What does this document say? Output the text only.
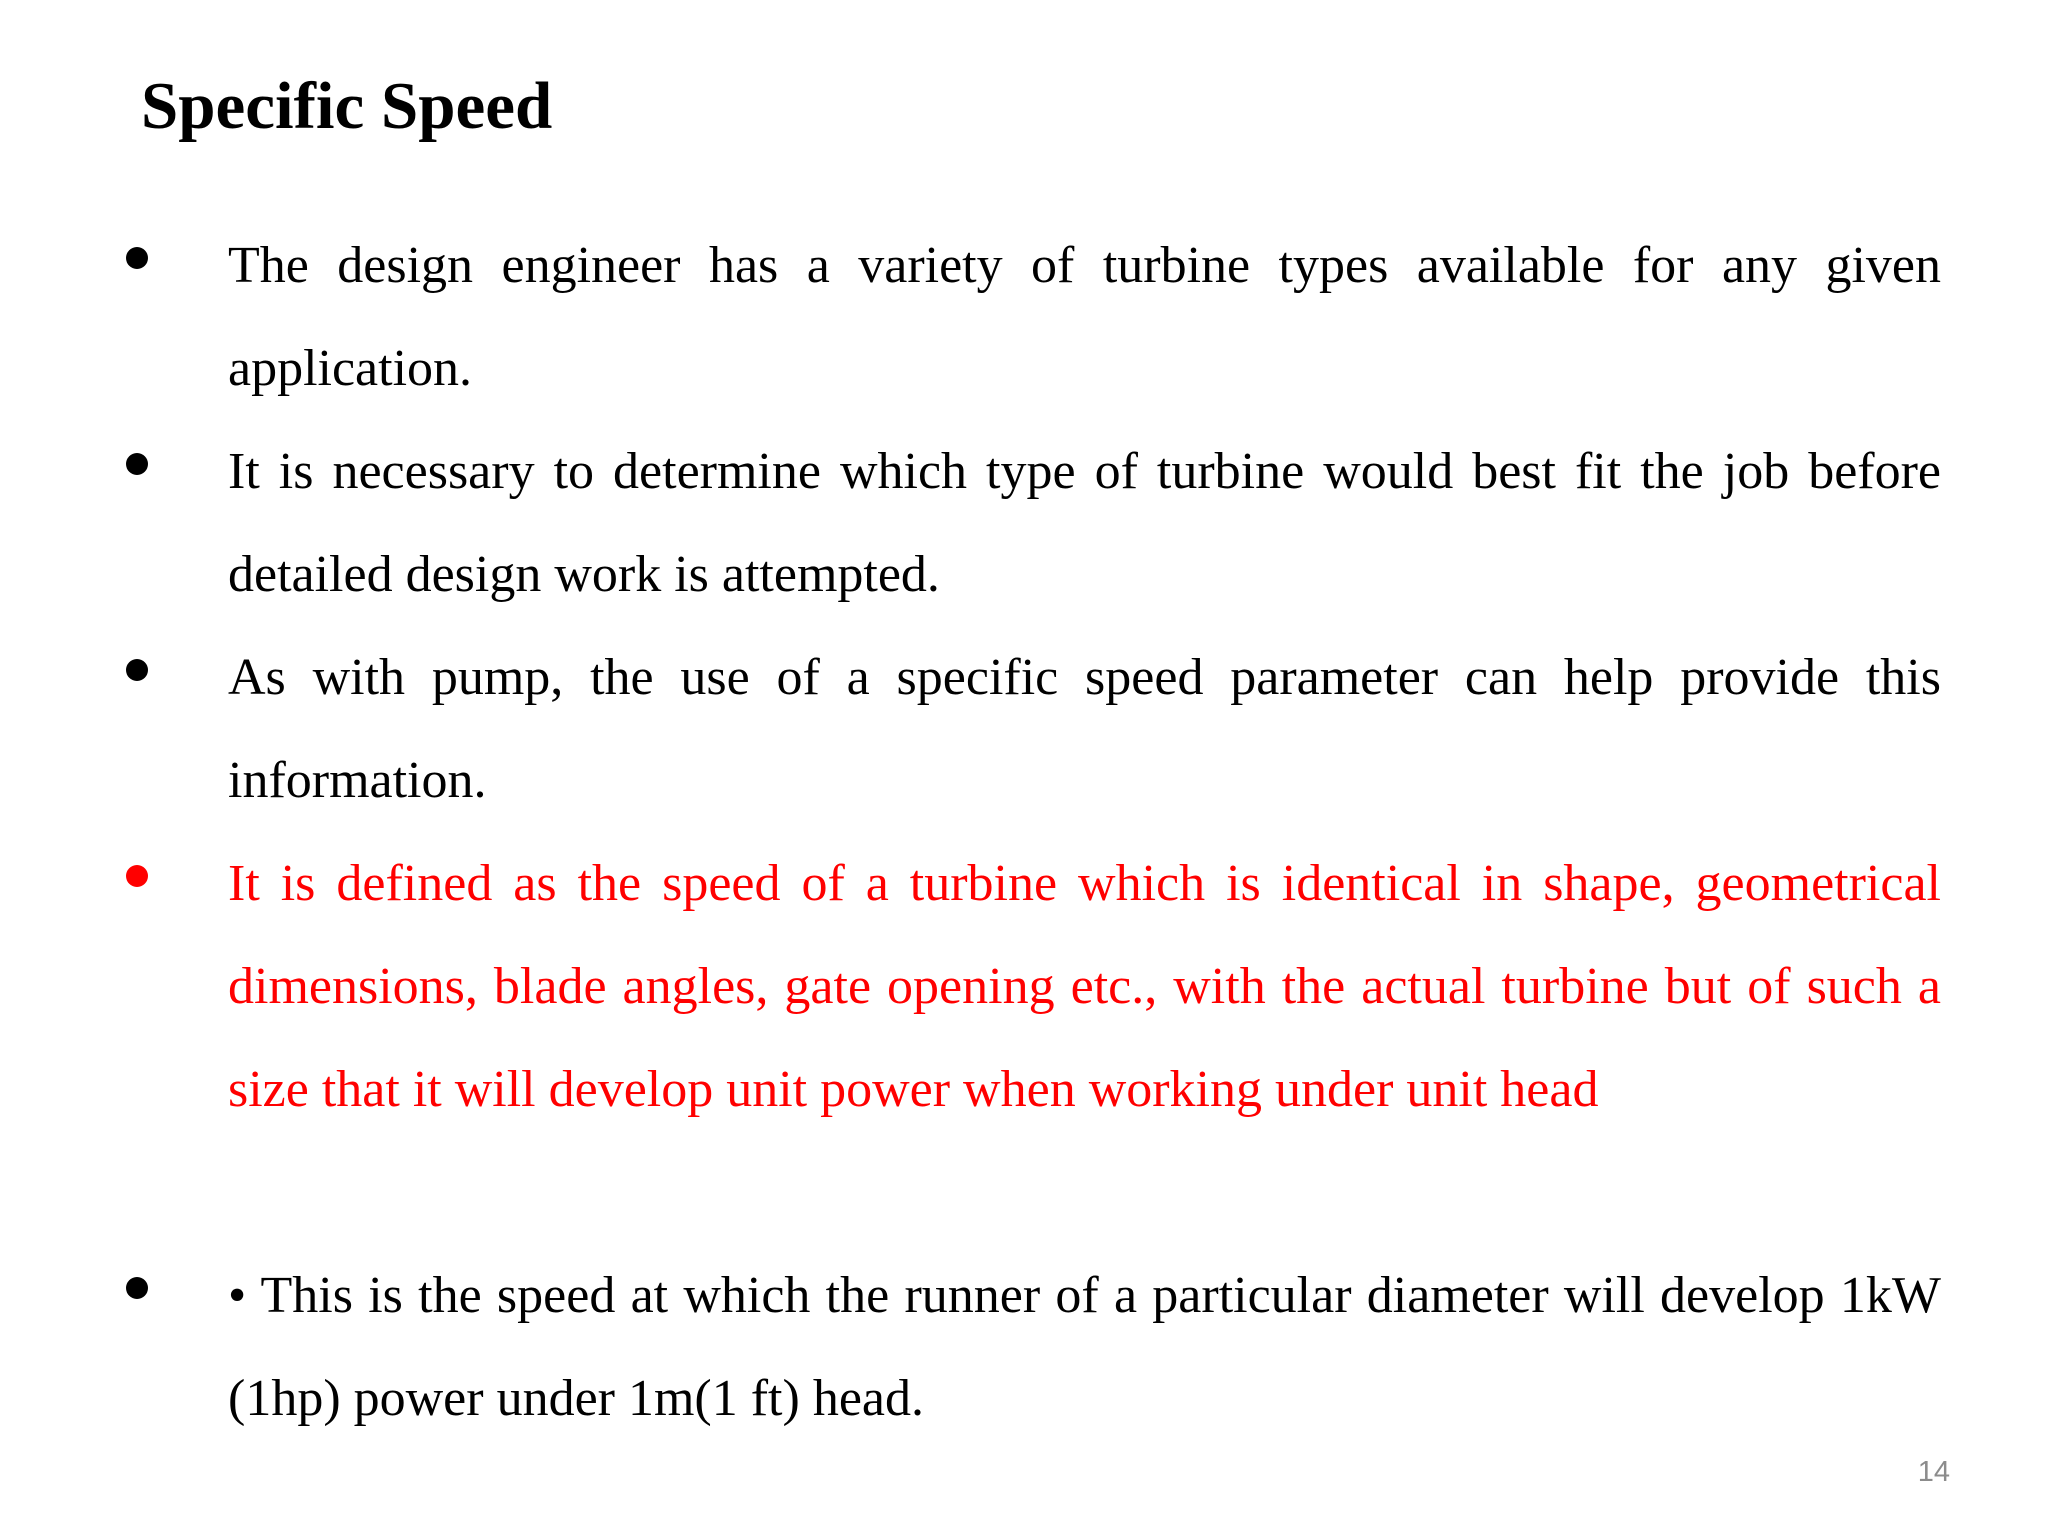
Specific Speed

The design engineer has a variety of turbine types available for any given application.

It is necessary to determine which type of turbine would best fit the job before detailed design work is attempted.

As with pump, the use of a specific speed parameter can help provide this information.

It is defined as the speed of a turbine which is identical in shape, geometrical dimensions, blade angles, gate opening etc., with the actual turbine but of such a size that it will develop unit power when working under unit head

• This is the speed at which the runner of a particular diameter will develop 1kW (1hp) power under 1m(1 ft) head.

14
